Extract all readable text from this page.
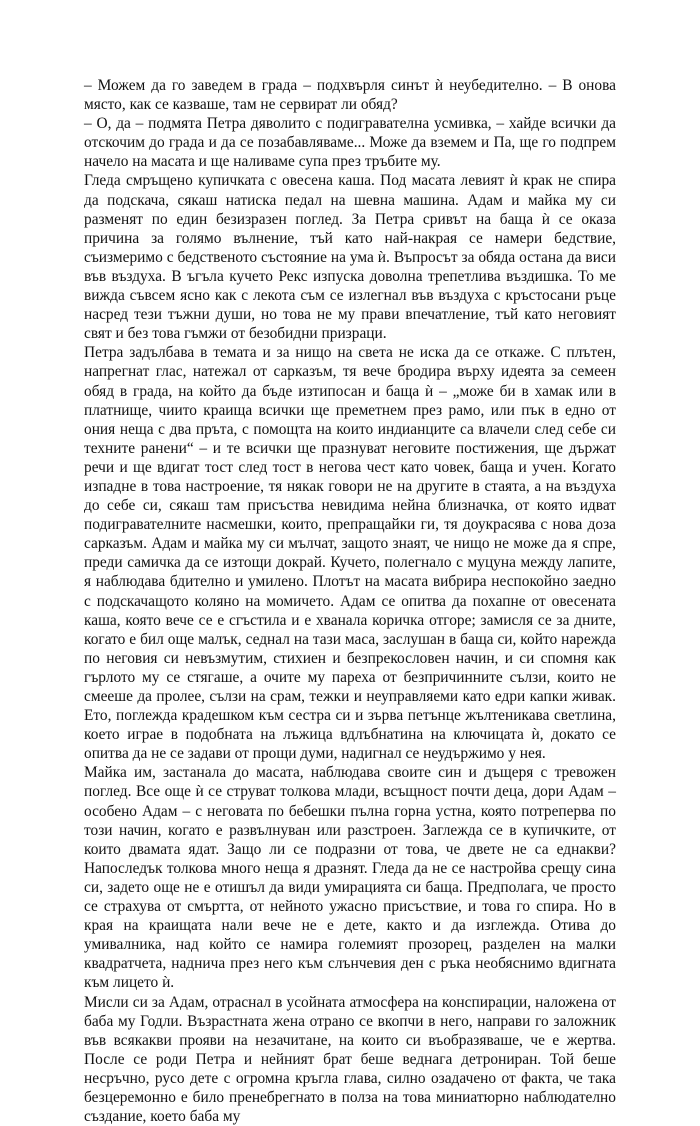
– Можем да го заведем в града – подхвърля синът ѝ неубедително. – В онова място, как се казваше, там не сервират ли обяд?

– О, да – подмята Петра дяволито с подигравателна усмивка, – хайде всички да отскочим до града и да се позабавляваме... Може да вземем и Па, ще го подпрем начело на масата и ще наливаме супа през тръбите му.

Гледа смръщено купичката с овесена каша. Под масата левият ѝ крак не спира да подскача, сякаш натиска педал на шевна машина. Адам и майка му си разменят по един безизразен поглед. За Петра сривът на баща ѝ се оказа причина за голямо вълнение, тъй като най-накрая се намери бедствие, съизмеримо с бедственото състояние на ума ѝ. Въпросът за обяда остана да виси във въздуха. В ъгъла кучето Рекс изпуска доволна трепетлива въздишка. То ме вижда съвсем ясно как с лекота съм се излегнал във въздуха с кръстосани ръце насред тези тъжни души, но това не му прави впечатление, тъй като неговият свят и без това гъмжи от безобидни призраци.

Петра задълбава в темата и за нищо на света не иска да се откаже. С плътен, напрегнат глас, натежал от сарказъм, тя вече бродира върху идеята за семеен обяд в града, на който да бъде изтипосан и баща ѝ – „може би в хамак или в платнище, чиито краища всички ще преметнем през рамо, или пък в едно от ония неща с два пръта, с помощта на които индианците са влачели след себе си техните ранени“ – и те всички ще празнуват неговите постижения, ще държат речи и ще вдигат тост след тост в негова чест като човек, баща и учен. Когато изпадне в това настроение, тя някак говори не на другите в стаята, а на въздуха до себе си, сякаш там присъства невидима нейна близначка, от която идват подигравателните насмешки, които, препращайки ги, тя доукрасява с нова доза сарказъм. Адам и майка му си мълчат, защото знаят, че нищо не може да я спре, преди самичка да се изтощи докрай. Кучето, полегнало с муцуна между лапите, я наблюдава бдително и умилено. Плотът на масата вибрира неспокойно заедно с подскачащото коляно на момичето. Адам се опитва да похапне от овесената каша, която вече се е сгъстила и е хванала коричка отгоре; замисля се за дните, когато е бил още малък, седнал на тази маса, заслушан в баща си, който нарежда по неговия си невъзмутим, стихиен и безпрекословен начин, и си спомня как гърлото му се стягаше, а очите му пареха от безпричинните сълзи, които не смееше да пролее, сълзи на срам, тежки и неуправляеми като едри капки живак. Ето, поглежда крадешком към сестра си и зърва петънце жълтеникава светлина, което играе в подобната на лъжица вдлъбнатина на ключицата ѝ, докато се опитва да не се задави от прощи думи, надигнал се неудържимо у нея.

Майка им, застанала до масата, наблюдава своите син и дъщеря с тревожен поглед. Все още ѝ се струват толкова млади, всъщност почти деца, дори Адам – особено Адам – с неговата по бебешки пълна горна устна, която потреперва по този начин, когато е развълнуван или разстроен. Заглежда се в купичките, от които двамата ядат. Защо ли се подразни от това, че двете не са еднакви? Напоследък толкова много неща я дразнят. Гледа да не се настройва срещу сина си, задето още не е отишъл да види умирацията си баща. Предполага, че просто се страхува от смъртта, от нейното ужасно присъствие, и това го спира. Но в края на краищата нали вече не е дете, както и да изглежда. Отива до умивалника, над който се намира големият прозорец, разделен на малки квадратчета, наднича през него към слънчевия ден с ръка необяснимо вдигната към лицето ѝ.

Мисли си за Адам, отраснал в усойната атмосфера на конспирации, наложена от баба му Годли. Възрастната жена отрано се вкопчи в него, направи го заложник във всякакви прояви на незачитане, на които си въобразяваше, че е жертва. После се роди Петра и нейният брат беше веднага детрониран. Той беше несръчно, русо дете с огромна кръгла глава, силно озадачено от факта, че така безцеремонно е било пренебрегнато в полза на това миниатюрно наблюдателно създание, което баба му
